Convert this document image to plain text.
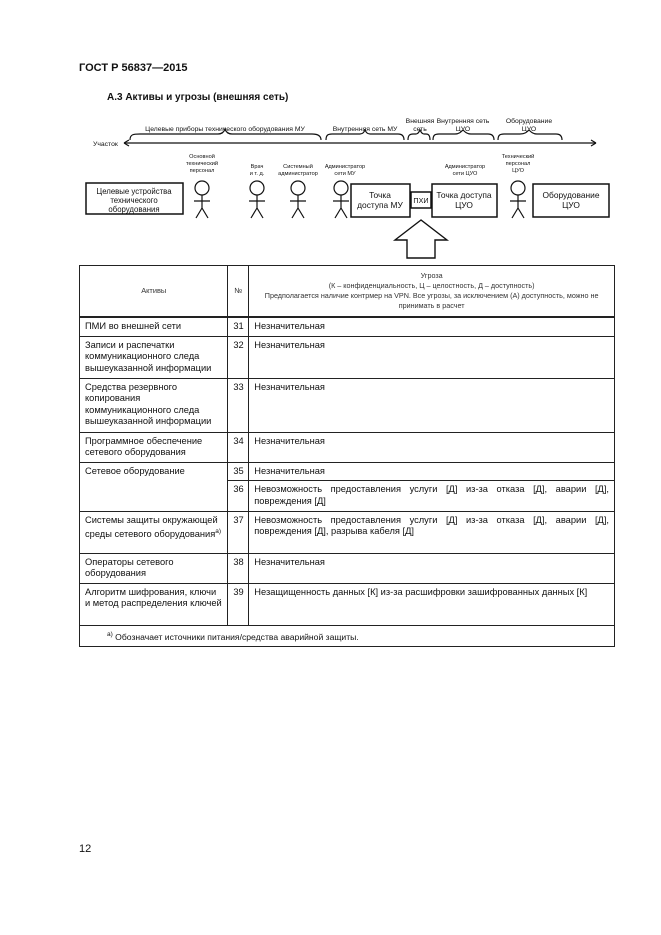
ГОСТ Р 56837—2015
А.3 Активы и угрозы (внешняя сеть)
Целевые приборы технического оборудования МУ	Внутренняя сеть МУ
Внешняя
сеть
Внутренняя сеть
ЦУО
Оборудование
ЦУО
Участок
Основной
технический
персонал
Врач
и т. д.
Системный
администратор
Администратор
сети МУ
Администратор
сети ЦУО
Технический
персонал
ЦУО
Целевые устройства
технического
оборудования
Точка
доступа МУ ПХИ
Точка доступа
ЦУО
Оборудование
ЦУО
Активы	№	Угроза
(К – конфиденциальность, Ц – целостность, Д – доступность)
Предполагается наличие контрмер на VPN. Все угрозы, за исключением (А) доступность, можно не принимать в расчет

ПМИ во внешней сети	31	Незначительная
Записи и распечатки коммуникационного следа вышеуказанной информации	32	Незначительная
Средства резервного копирования коммуникационного следа вышеуказанной информации	33	Незначительная
Программное обеспечение сетевого оборудования	34	Незначительная
Сетевое оборудование	35	Незначительная
	36	Невозможность предоставления услуги [Д] из-за отказа [Д], аварии [Д], повреждения [Д]
Системы защиты окружающей среды сетевого оборудования$^{а)}$	37	Невозможность предоставления услуги [Д] из-за отказа [Д], аварии [Д], повреждения [Д], разрыва кабеля [Д]
Операторы сетевого оборудования	38	Незначительная
Алгоритм шифрования, ключи и метод распределения ключей	39	Незащищенность данных [К] из-за расшифровки зашифрованных данных [К]
$^{а)}$ Обозначает источники питания/средства аварийной защиты.		
12
